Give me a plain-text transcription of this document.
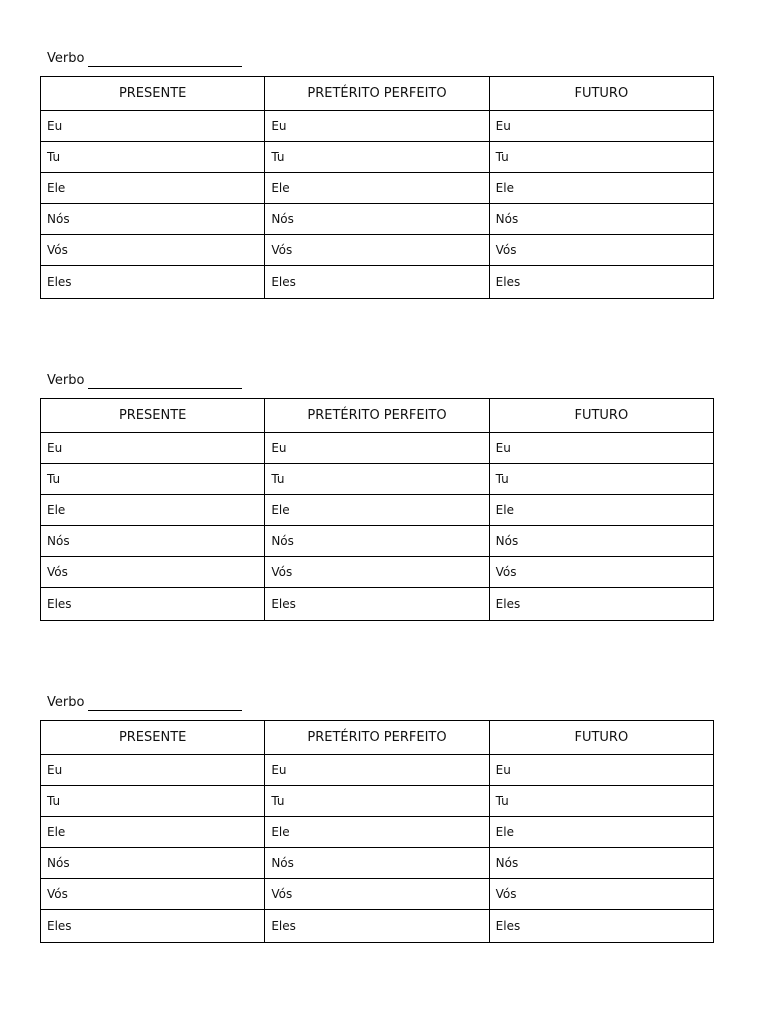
Verbo
PRESENTE	PRETÉRITO PERFEITO	FUTURO
Eu	Eu	Eu
Tu	Tu	Tu
Ele	Ele	Ele
Nós	Nós	Nós
Vós	Vós	Vós
Eles	Eles	Eles
Verbo
PRESENTE	PRETÉRITO PERFEITO	FUTURO
Eu	Eu	Eu
Tu	Tu	Tu
Ele	Ele	Ele
Nós	Nós	Nós
Vós	Vós	Vós
Eles	Eles	Eles
Verbo
PRESENTE	PRETÉRITO PERFEITO	FUTURO
Eu	Eu	Eu
Tu	Tu	Tu
Ele	Ele	Ele
Nós	Nós	Nós
Vós	Vós	Vós
Eles	Eles	Eles
